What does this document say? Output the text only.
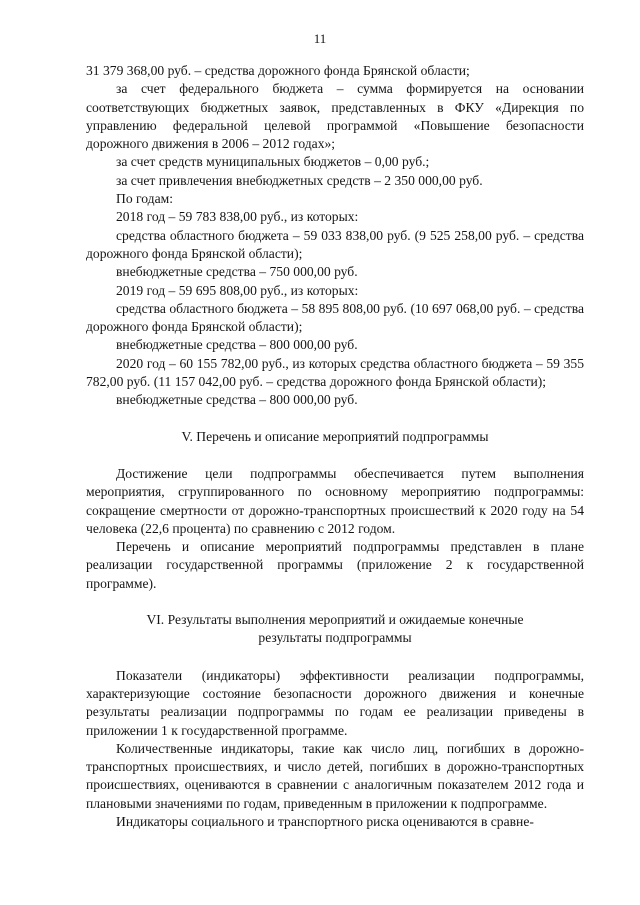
11

31 379 368,00 руб. – средства дорожного фонда Брянской области;

за счет федерального бюджета – сумма формируется на основании соответствующих бюджетных заявок, представленных в ФКУ «Дирекция по управлению федеральной целевой программой «Повышение безопасности дорожного движения в 2006 – 2012 годах»;

за счет средств муниципальных бюджетов – 0,00 руб.;

за счет привлечения внебюджетных средств – 2 350 000,00 руб.

По годам:

2018 год – 59 783 838,00 руб., из которых:

средства областного бюджета – 59 033 838,00 руб. (9 525 258,00 руб. – средства дорожного фонда Брянской области);

внебюджетные средства – 750 000,00 руб.

2019 год – 59 695 808,00 руб., из которых:

средства областного бюджета – 58 895 808,00 руб. (10 697 068,00 руб. – средства дорожного фонда Брянской области);

внебюджетные средства – 800 000,00 руб.

2020 год – 60 155 782,00 руб., из которых средства областного бюджета – 59 355 782,00 руб. (11 157 042,00 руб. – средства дорожного фонда Брянской области);

внебюджетные средства – 800 000,00 руб.

V. Перечень и описание мероприятий подпрограммы

Достижение цели подпрограммы обеспечивается путем выполнения мероприятия, сгруппированного по основному мероприятию подпрограммы: сокращение смертности от дорожно-транспортных происшествий к 2020 году на 54 человека (22,6 процента) по сравнению с 2012 годом.

Перечень и описание мероприятий подпрограммы представлен в плане реализации государственной программы (приложение 2 к государственной программе).

VI. Результаты выполнения мероприятий и ожидаемые конечные
результаты подпрограммы

Показатели (индикаторы) эффективности реализации подпрограммы, характеризующие состояние безопасности дорожного движения и конечные результаты реализации подпрограммы по годам ее реализации приведены в приложении 1 к государственной программе.

Количественные индикаторы, такие как число лиц, погибших в дорожно-транспортных происшествиях, и число детей, погибших в дорожно-транспортных происшествиях, оцениваются в сравнении с аналогичным показателем 2012 года и плановыми значениями по годам, приведенным в приложении к подпрограмме.

Индикаторы социального и транспортного риска оцениваются в сравне-
